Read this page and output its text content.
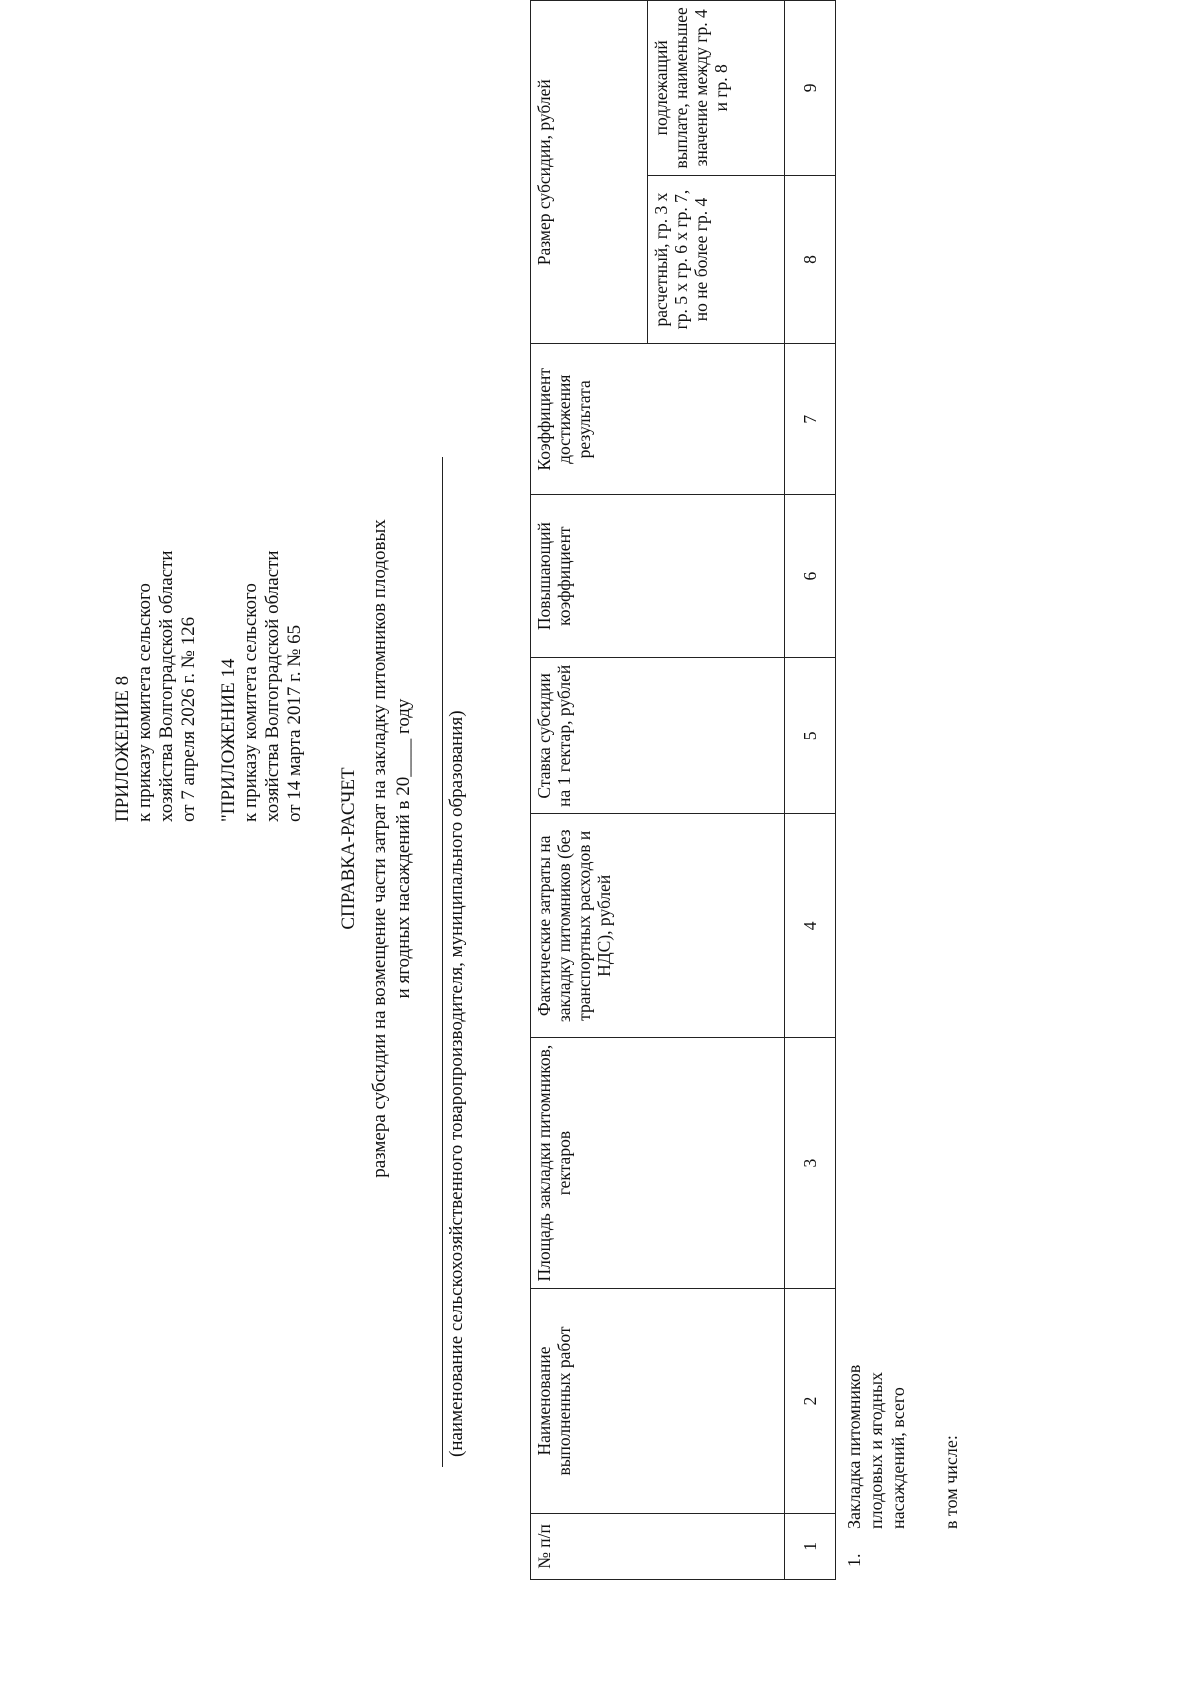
ПРИЛОЖЕНИЕ 8 к приказу комитета сельского хозяйства Волгоградской области от 7 апреля 2026 г. № 126 "ПРИЛОЖЕНИЕ 14 к приказу комитета сельского хозяйства Волгоградской области от 14 марта 2017 г. № 65
СПРАВКА-РАСЧЕТ размера субсидии на возмещение части затрат на закладку питомников плодовых и ягодных насаждений в 20____ году (наименование сельскохозяйственного товаропроизводителя, муниципального образования)
№ п/п	Наименование выполненных работ	Площадь закладки питомников, гектаров	Фактические затраты на закладку питомников (без транспортных расходов и НДС), рублей	Ставка субсидии на 1 гектар, рублей	Повышающий коэффициент	Коэффициент достижения результата	Размер субсидии, рублей	
							расчетный, гр. 3 х гр. 5 х гр. 6 х гр. 7, но не более гр. 4	подлежащий выплате, наименьшее значение между гр. 4 и гр. 8
1	2	3	4	5	6	7	8	9
1.
Закладка питомников плодовых и ягодных насаждений, всего в том числе:
